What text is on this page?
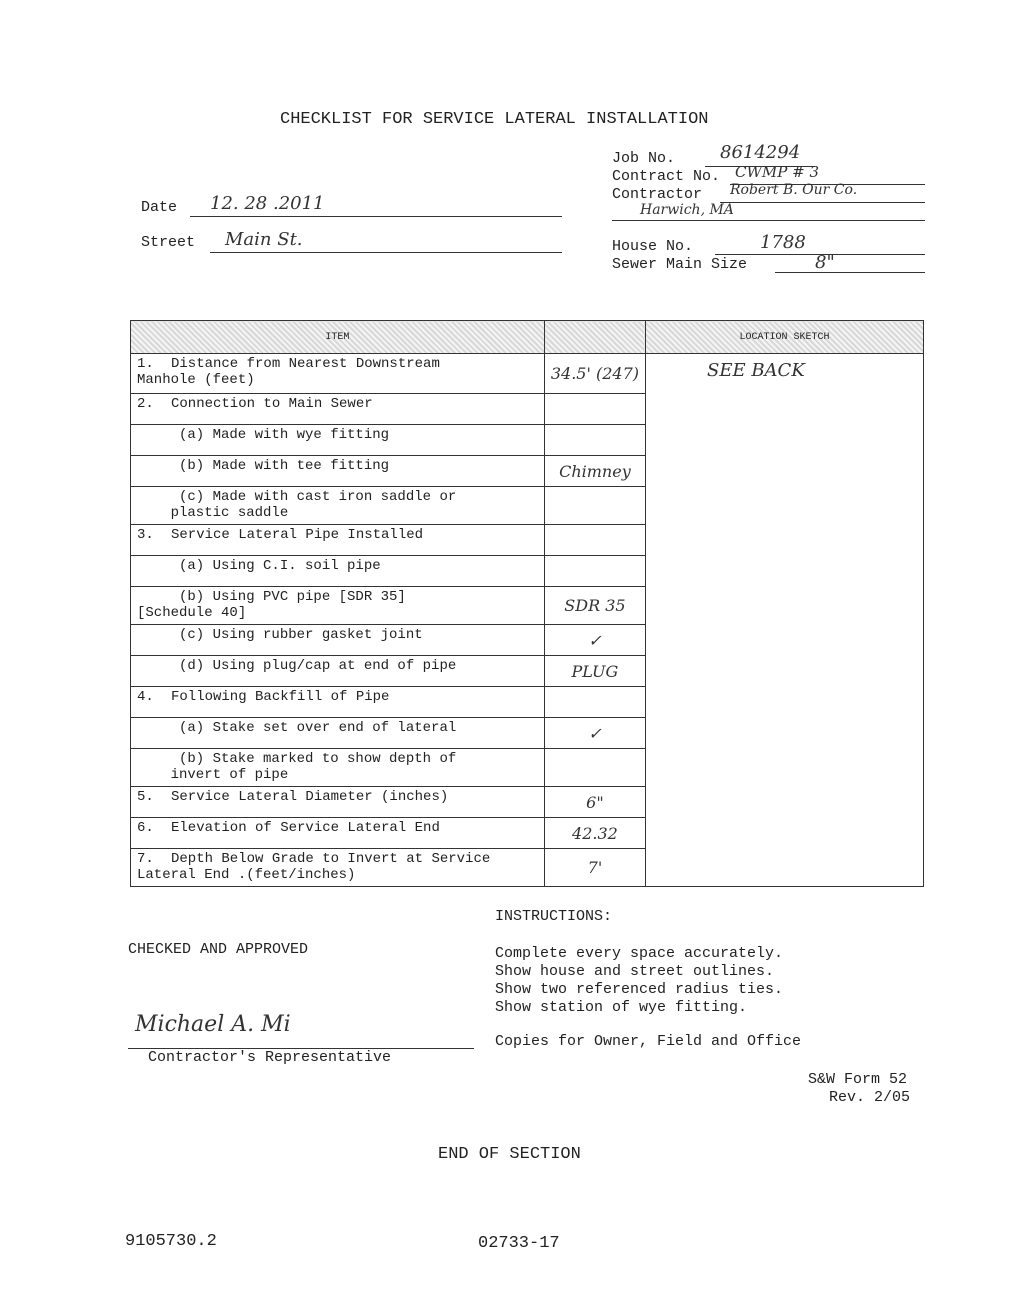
CHECKLIST FOR SERVICE LATERAL INSTALLATION
Job No. 8614294
Contract No. CWMP # 3
Contractor Robert B. Our Co.
Harwich, MA
House No.	1788
Sewer Main Size	8"
Date 12. 28 .2011
Street Main St.
ITEM		LOCATION SKETCH
1. Distance from Nearest Downstream
Manhole (feet)	34.5' (247)	SEE BACK

2. Connection to Main Sewer		
(a) Made with wye fitting		
(b) Made with tee fitting	Chimney	
(c) Made with cast iron saddle or
plastic saddle		
3. Service Lateral Pipe Installed		
(a) Using C.I. soil pipe		
(b) Using PVC pipe [SDR 35]
[Schedule 40]	SDR 35	
(c) Using rubber gasket joint	✓	
(d) Using plug/cap at end of pipe	PLUG	
4. Following Backfill of Pipe		
(a) Stake set over end of lateral	✓	
(b) Stake marked to show depth of
invert of pipe		
5. Service Lateral Diameter (inches)	6"	
6. Elevation of Service Lateral End	42.32	
7. Depth Below Grade to Invert at Service
Lateral End .(feet/inches)	7'	
INSTRUCTIONS:
Complete every space accurately.
Show house and street outlines.
Show two referenced radius ties.
Show station of wye fitting.
Copies for Owner, Field and Office
CHECKED AND APPROVED
Michael A. Mi
Contractor's Representative
S&W Form 52
Rev. 2/05
END OF SECTION
9105730.2	02733-17
